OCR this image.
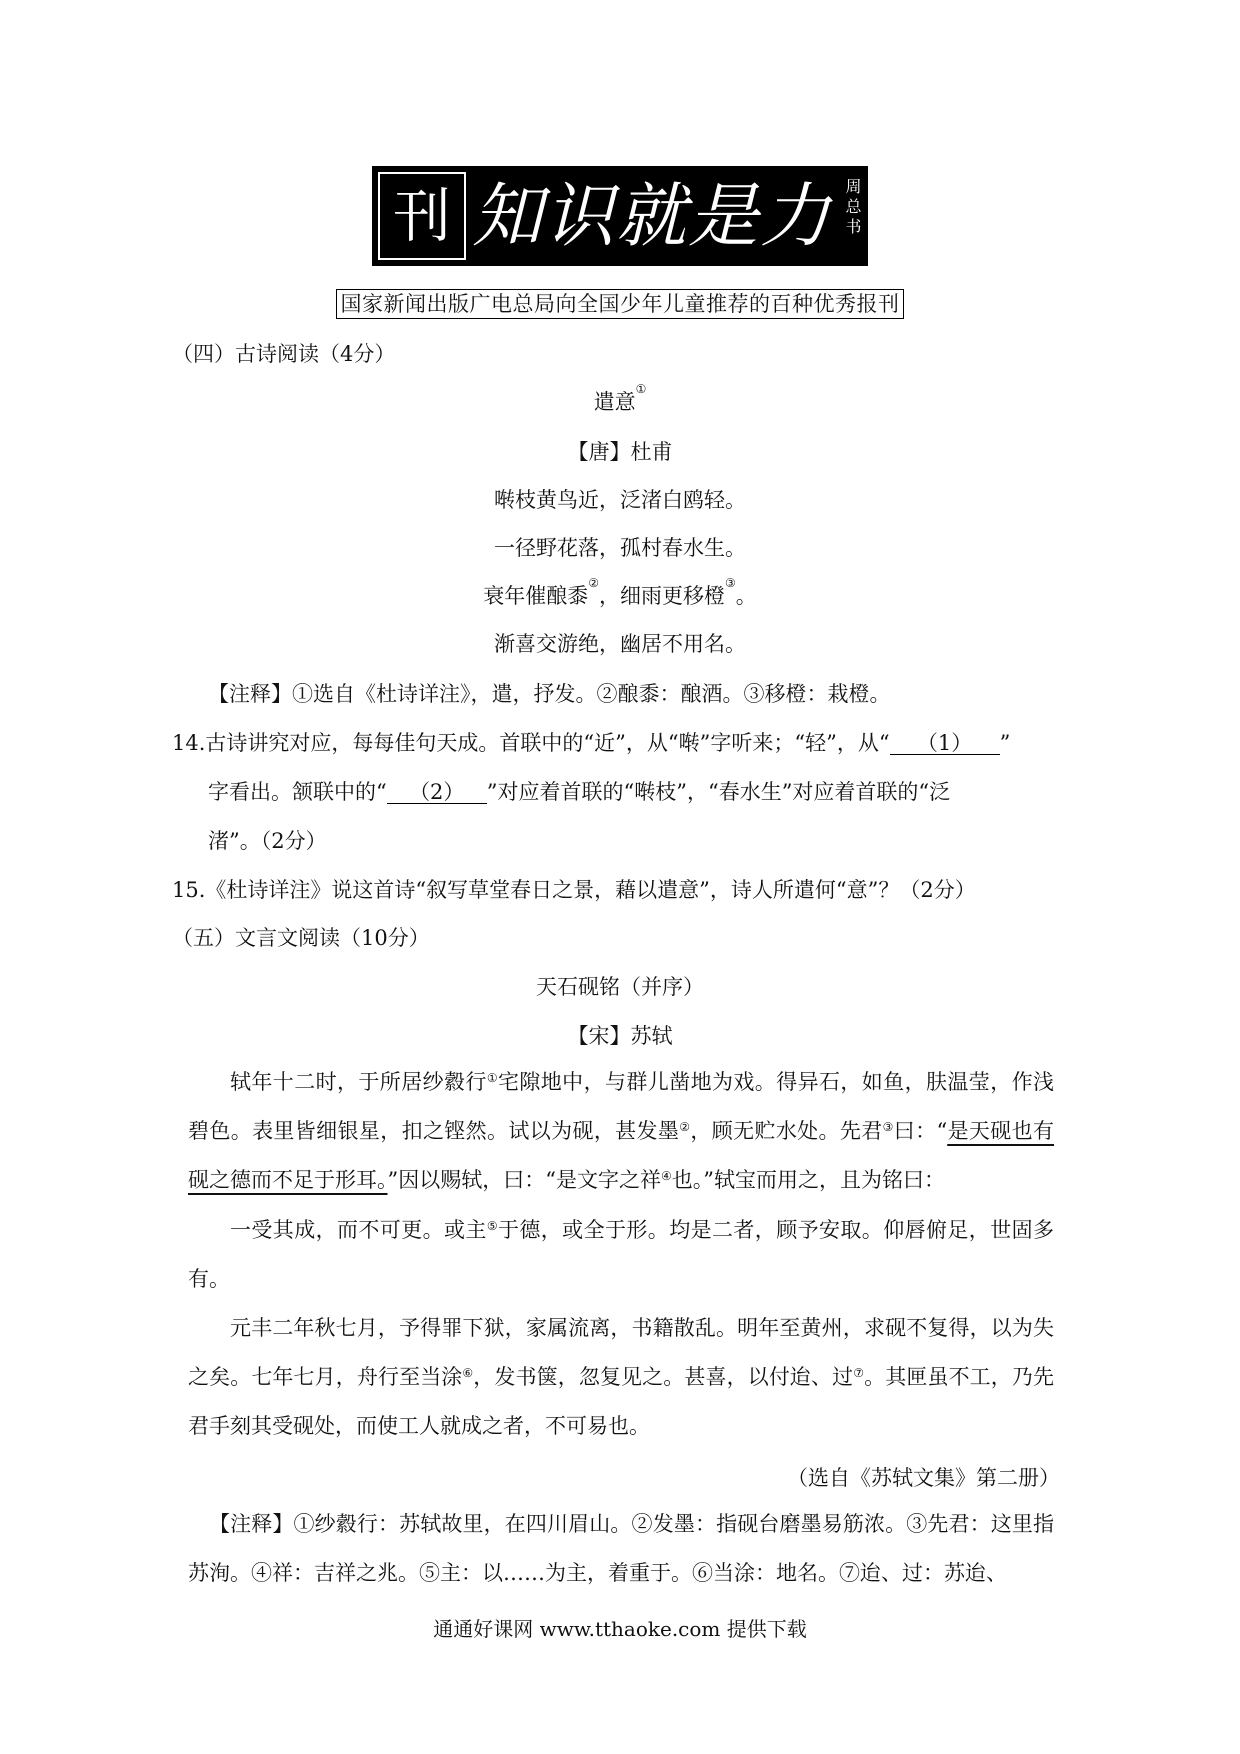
刊 知识就是力量
周总书
国家新闻出版广电总局向全国少年儿童推荐的百种优秀报刊
（四）古诗阅读（4分）
遣意①
【唐】杜甫
啭枝黄鸟近，泛渚白鸥轻。
一径野花落，孤村春水生。
衰年催酿黍②，细雨更移橙③。
渐喜交游绝，幽居不用名。
【注释】①选自《杜诗详注》，遣，抒发。②酿黍：酿酒。③移橙：栽橙。
14.古诗讲究对应，每每佳句天成。首联中的“近”，从“啭”字听来；“轻”，从“ （1） ”
字看出。颔联中的“ （2） ”对应着首联的“啭枝”，“春水生”对应着首联的“泛
渚”。（2分）
15.《杜诗详注》说这首诗“叙写草堂春日之景，藉以遣意”，诗人所遣何“意”？（2分）
（五）文言文阅读（10分）
天石砚铭（并序）
【宋】苏轼
轼年十二时，于所居纱縠行①宅隙地中，与群儿凿地为戏。得异石，如鱼，肤温莹，作浅碧色。表里皆细银星，扣之铿然。试以为砚，甚发墨②，顾无贮水处。先君③曰：“是天砚也有砚之德而不足于形耳。”因以赐轼，曰：“是文字之祥④也。”轼宝而用之，且为铭曰：
一受其成，而不可更。或主⑤于德，或全于形。均是二者，顾予安取。仰唇俯足，世固多有。
元丰二年秋七月，予得罪下狱，家属流离，书籍散乱。明年至黄州，求砚不复得，以为失之矣。七年七月，舟行至当涂⑥，发书箧，忽复见之。甚喜，以付迨、过⑦。其匣虽不工，乃先君手刻其受砚处，而使工人就成之者，不可易也。
（选自《苏轼文集》第二册）
【注释】①纱縠行：苏轼故里，在四川眉山。②发墨：指砚台磨墨易筋浓。③先君：这里指苏洵。④祥：吉祥之兆。⑤主：以……为主，着重于。⑥当涂：地名。⑦迨、过：苏迨、
通通好课网 www.tthaoke.com 提供下载
